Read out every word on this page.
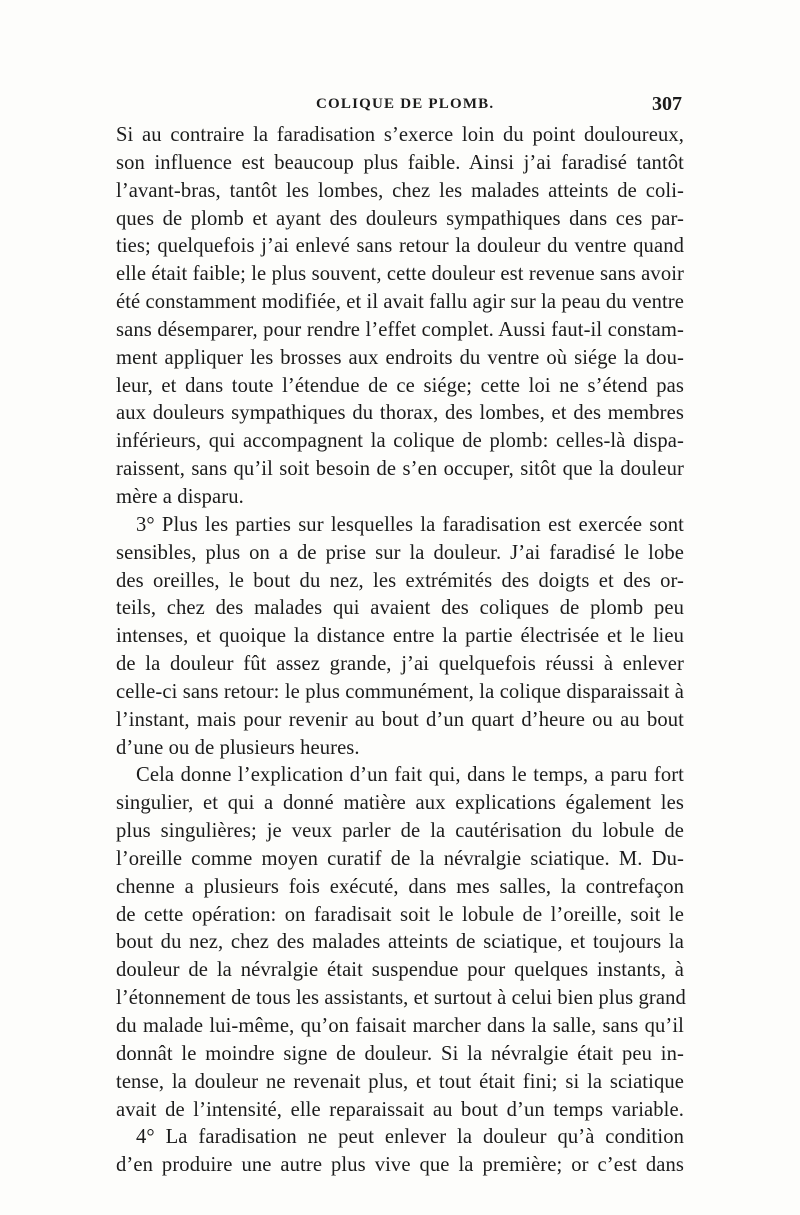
COLIQUE DE PLOMB.	307
Si au contraire la faradisation s’exerce loin du point douloureux,
son influence est beaucoup plus faible. Ainsi j’ai faradisé tantôt
l’avant-bras, tantôt les lombes, chez les malades atteints de coli-
ques de plomb et ayant des douleurs sympathiques dans ces par-
ties; quelquefois j’ai enlevé sans retour la douleur du ventre quand
elle était faible; le plus souvent, cette douleur est revenue sans avoir
été constamment modifiée, et il avait fallu agir sur la peau du ventre
sans désemparer, pour rendre l’effet complet. Aussi faut-il constam-
ment appliquer les brosses aux endroits du ventre où siége la dou-
leur, et dans toute l’étendue de ce siége; cette loi ne s’étend pas
aux douleurs sympathiques du thorax, des lombes, et des membres
inférieurs, qui accompagnent la colique de plomb: celles-là dispa-
raissent, sans qu’il soit besoin de s’en occuper, sitôt que la douleur
mère a disparu.
3° Plus les parties sur lesquelles la faradisation est exercée sont
sensibles, plus on a de prise sur la douleur. J’ai faradisé le lobe
des oreilles, le bout du nez, les extrémités des doigts et des or-
teils, chez des malades qui avaient des coliques de plomb peu
intenses, et quoique la distance entre la partie électrisée et le lieu
de la douleur fût assez grande, j’ai quelquefois réussi à enlever
celle-ci sans retour: le plus communément, la colique disparaissait à
l’instant, mais pour revenir au bout d’un quart d’heure ou au bout
d’une ou de plusieurs heures.
Cela donne l’explication d’un fait qui, dans le temps, a paru fort
singulier, et qui a donné matière aux explications également les
plus singulières; je veux parler de la cautérisation du lobule de
l’oreille comme moyen curatif de la névralgie sciatique. M. Du-
chenne a plusieurs fois exécuté, dans mes salles, la contrefaçon
de cette opération: on faradisait soit le lobule de l’oreille, soit le
bout du nez, chez des malades atteints de sciatique, et toujours la
douleur de la névralgie était suspendue pour quelques instants, à
l’étonnement de tous les assistants, et surtout à celui bien plus grand
du malade lui-même, qu’on faisait marcher dans la salle, sans qu’il
donnât le moindre signe de douleur. Si la névralgie était peu in-
tense, la douleur ne revenait plus, et tout était fini; si la sciatique
avait de l’intensité, elle reparaissait au bout d’un temps variable.
4° La faradisation ne peut enlever la douleur qu’à condition
d’en produire une autre plus vive que la première; or c’est dans
